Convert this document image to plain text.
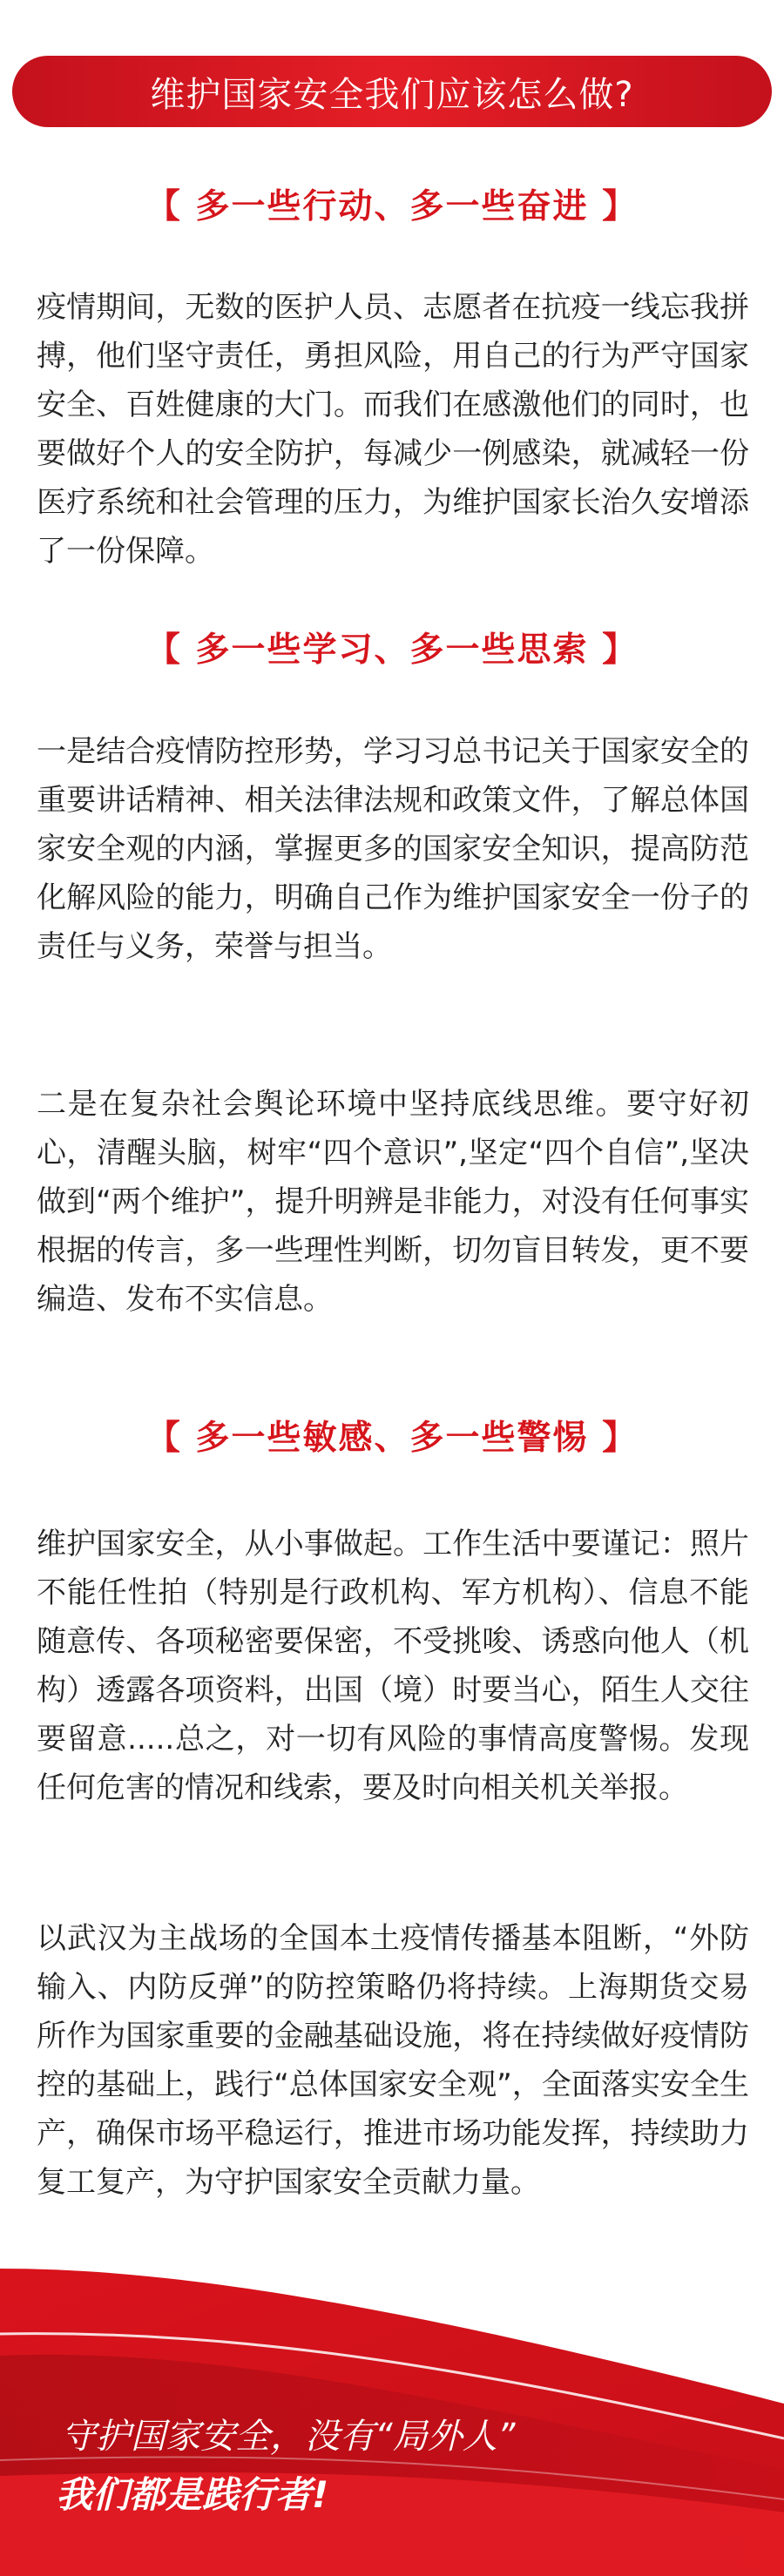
维护国家安全我们应该怎么做?
【 多一些行动、多一些奋进 】
疫情期间，无数的医护人员、志愿者在抗疫一线忘我拼搏，他们坚守责任，勇担风险，用自己的行为严守国家安全、百姓健康的大门。而我们在感激他们的同时，也要做好个人的安全防护，每减少一例感染，就减轻一份医疗系统和社会管理的压力，为维护国家长治久安增添了一份保障。
【 多一些学习、多一些思索 】
一是结合疫情防控形势，学习习总书记关于国家安全的重要讲话精神、相关法律法规和政策文件，了解总体国家安全观的内涵，掌握更多的国家安全知识，提高防范化解风险的能力，明确自己作为维护国家安全一份子的责任与义务，荣誉与担当。
二是在复杂社会舆论环境中坚持底线思维。要守好初心，清醒头脑，树牢“四个意识”,坚定“四个自信”,坚决做到“两个维护”，提升明辨是非能力，对没有任何事实根据的传言，多一些理性判断，切勿盲目转发，更不要编造、发布不实信息。
【 多一些敏感、多一些警惕 】
维护国家安全，从小事做起。工作生活中要谨记：照片不能任性拍（特别是行政机构、军方机构）、信息不能随意传、各项秘密要保密，不受挑唆、诱惑向他人（机构）透露各项资料，出国（境）时要当心，陌生人交往要留意.....总之，对一切有风险的事情高度警惕。发现任何危害的情况和线索，要及时向相关机关举报。
以武汉为主战场的全国本土疫情传播基本阻断，“外防输入、内防反弹”的防控策略仍将持续。上海期货交易所作为国家重要的金融基础设施，将在持续做好疫情防控的基础上，践行“总体国家安全观”，全面落实安全生产，确保市场平稳运行，推进市场功能发挥，持续助力复工复产，为守护国家安全贡献力量。
守护国家安全，没有“局外人”
我们都是践行者!
